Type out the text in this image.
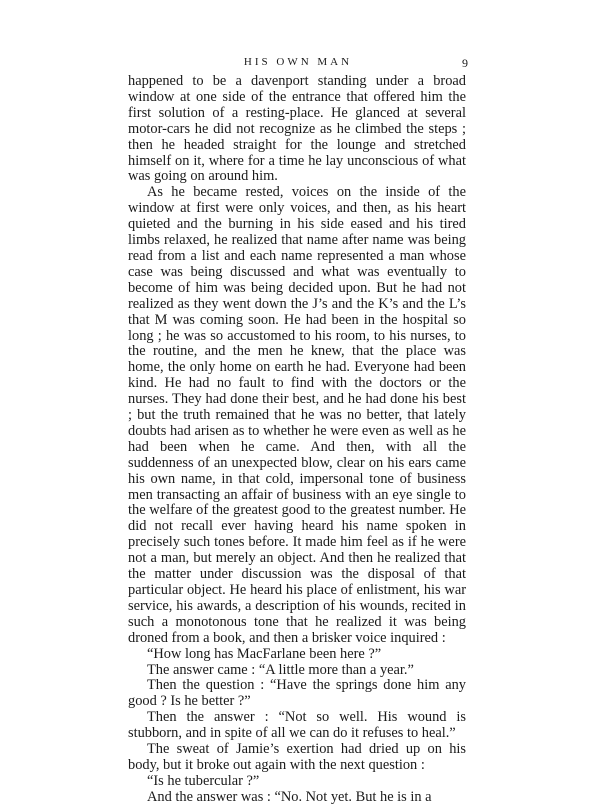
HIS OWN MAN	9

happened to be a davenport standing under a broad window at one side of the entrance that offered him the first solution of a resting-place. He glanced at several motor-cars he did not recognize as he climbed the steps ; then he headed straight for the lounge and stretched himself on it, where for a time he lay unconscious of what was going on around him.

As he became rested, voices on the inside of the window at first were only voices, and then, as his heart quieted and the burning in his side eased and his tired limbs relaxed, he realized that name after name was being read from a list and each name represented a man whose case was being discussed and what was eventually to become of him was being decided upon. But he had not realized as they went down the J’s and the K’s and the L’s that M was coming soon. He had been in the hospital so long ; he was so accustomed to his room, to his nurses, to the routine, and the men he knew, that the place was home, the only home on earth he had. Everyone had been kind. He had no fault to find with the doctors or the nurses. They had done their best, and he had done his best ; but the truth remained that he was no better, that lately doubts had arisen as to whether he were even as well as he had been when he came. And then, with all the suddenness of an unexpected blow, clear on his ears came his own name, in that cold, impersonal tone of business men transacting an affair of business with an eye single to the welfare of the greatest good to the greatest number. He did not recall ever having heard his name spoken in precisely such tones before. It made him feel as if he were not a man, but merely an object. And then he realized that the matter under discussion was the disposal of that particular object. He heard his place of enlistment, his war service, his awards, a description of his wounds, recited in such a monotonous tone that he realized it was being droned from a book, and then a brisker voice inquired :

“How long has MacFarlane been here ?”

The answer came : “A little more than a year.”

Then the question : “Have the springs done him any good ? Is he better ?”

Then the answer : “Not so well. His wound is stubborn, and in spite of all we can do it refuses to heal.”

The sweat of Jamie’s exertion had dried up on his body, but it broke out again with the next question :

“Is he tubercular ?”

And the answer was : “No. Not yet. But he is in a
